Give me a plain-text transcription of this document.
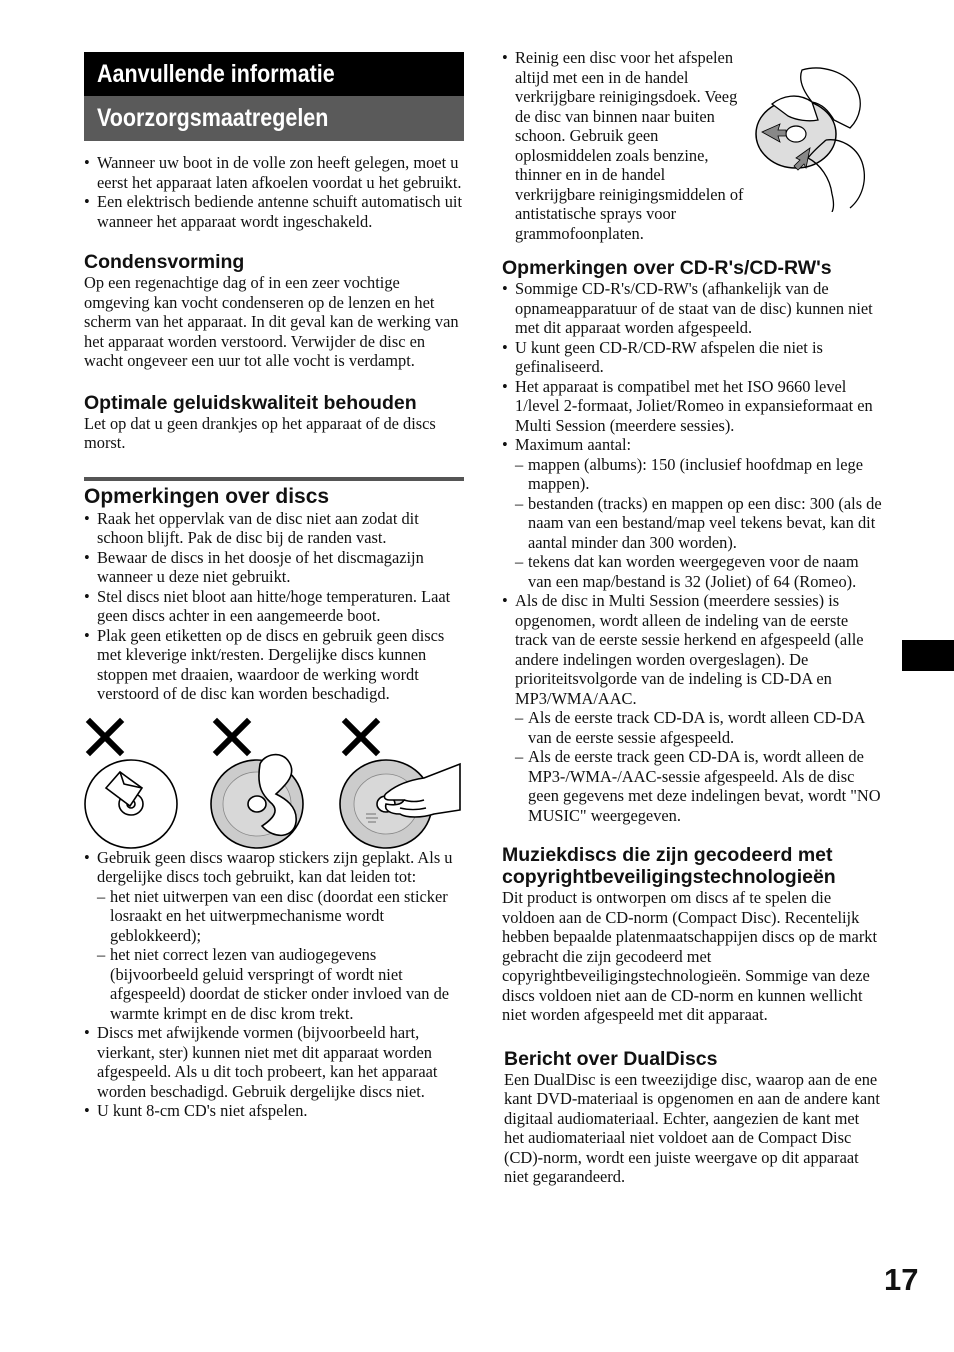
Aanvullende informatie
Voorzorgsmaatregelen
• Wanneer uw boot in de volle zon heeft gelegen, moet u eerst het apparaat laten afkoelen voordat u het gebruikt.
• Een elektrisch bediende antenne schuift automatisch uit wanneer het apparaat wordt ingeschakeld.
Condensvorming

Op een regenachtige dag of in een zeer vochtige omgeving kan vocht condenseren op de lenzen en het scherm van het apparaat. In dit geval kan de werking van het apparaat worden verstoord. Verwijder de disc en wacht ongeveer een uur tot alle vocht is verdampt.

Optimale geluidskwaliteit behouden

Let op dat u geen drankjes op het apparaat of de discs morst.

Opmerkingen over discs
• Raak het oppervlak van de disc niet aan zodat dit schoon blijft. Pak de disc bij de randen vast.
• Bewaar de discs in het doosje of het discmagazijn wanneer u deze niet gebruikt.
• Stel discs niet bloot aan hitte/hoge temperaturen. Laat geen discs achter in een aangemeerde boot.
• Plak geen etiketten op de discs en gebruik geen discs met kleverige inkt/resten. Dergelijke discs kunnen stoppen met draaien, waardoor de werking wordt verstoord of de disc kan worden beschadigd.
• Gebruik geen discs waarop stickers zijn geplakt. Als u dergelijke discs toch gebruikt, kan dat leiden tot:
– het niet uitwerpen van een disc (doordat een sticker losraakt en het uitwerpmechanisme wordt geblokkeerd);
– het niet correct lezen van audiogegevens (bijvoorbeeld geluid verspringt of wordt niet afgespeeld) doordat de sticker onder invloed van de warmte krimpt en de disc krom trekt.
• Discs met afwijkende vormen (bijvoorbeeld hart, vierkant, ster) kunnen niet met dit apparaat worden afgespeeld. Als u dit toch probeert, kan het apparaat worden beschadigd. Gebruik dergelijke discs niet.
• U kunt 8-cm CD's niet afspelen.
• Reinig een disc voor het afspelen altijd met een in de handel verkrijgbare reinigingsdoek. Veeg de disc van binnen naar buiten schoon. Gebruik geen oplosmiddelen zoals benzine, thinner en in de handel verkrijgbare reinigingsmiddelen of antistatische sprays voor grammofoonplaten.
Opmerkingen over CD-R's/CD-RW's
• Sommige CD-R's/CD-RW's (afhankelijk van de opnameapparatuur of de staat van de disc) kunnen niet met dit apparaat worden afgespeeld.
• U kunt geen CD-R/CD-RW afspelen die niet is gefinaliseerd.
• Het apparaat is compatibel met het ISO 9660 level 1/level 2-formaat, Joliet/Romeo in expansieformaat en Multi Session (meerdere sessies).
• Maximum aantal:
– mappen (albums): 150 (inclusief hoofdmap en lege mappen).
– bestanden (tracks) en mappen op een disc: 300 (als de naam van een bestand/map veel tekens bevat, kan dit aantal minder dan 300 worden).
– tekens dat kan worden weergegeven voor de naam van een map/bestand is 32 (Joliet) of 64 (Romeo).
• Als de disc in Multi Session (meerdere sessies) is opgenomen, wordt alleen de indeling van de eerste track van de eerste sessie herkend en afgespeeld (alle andere indelingen worden overgeslagen). De prioriteitsvolgorde van de indeling is CD-DA en MP3/WMA/AAC.
– Als de eerste track CD-DA is, wordt alleen CD-DA van de eerste sessie afgespeeld.
– Als de eerste track geen CD-DA is, wordt alleen de MP3-/WMA-/AAC-sessie afgespeeld. Als de disc geen gegevens met deze indelingen bevat, wordt "NO MUSIC" weergegeven.
Muziekdiscs die zijn gecodeerd met copyrightbeveiligingstechnologieën

Dit product is ontworpen om discs af te spelen die voldoen aan de CD-norm (Compact Disc). Recentelijk hebben bepaalde platenmaatschappijen discs op de markt gebracht die zijn gecodeerd met copyrightbeveiligingstechnologieën. Sommige van deze discs voldoen niet aan de CD-norm en kunnen wellicht niet worden afgespeeld met dit apparaat.

Bericht over DualDiscs

Een DualDisc is een tweezijdige disc, waarop aan de ene kant DVD-materiaal is opgenomen en aan de andere kant digitaal audiomateriaal. Echter, aangezien de kant met het audiomateriaal niet voldoet aan de Compact Disc (CD)-norm, wordt een juiste weergave op dit apparaat niet gegarandeerd.

17
